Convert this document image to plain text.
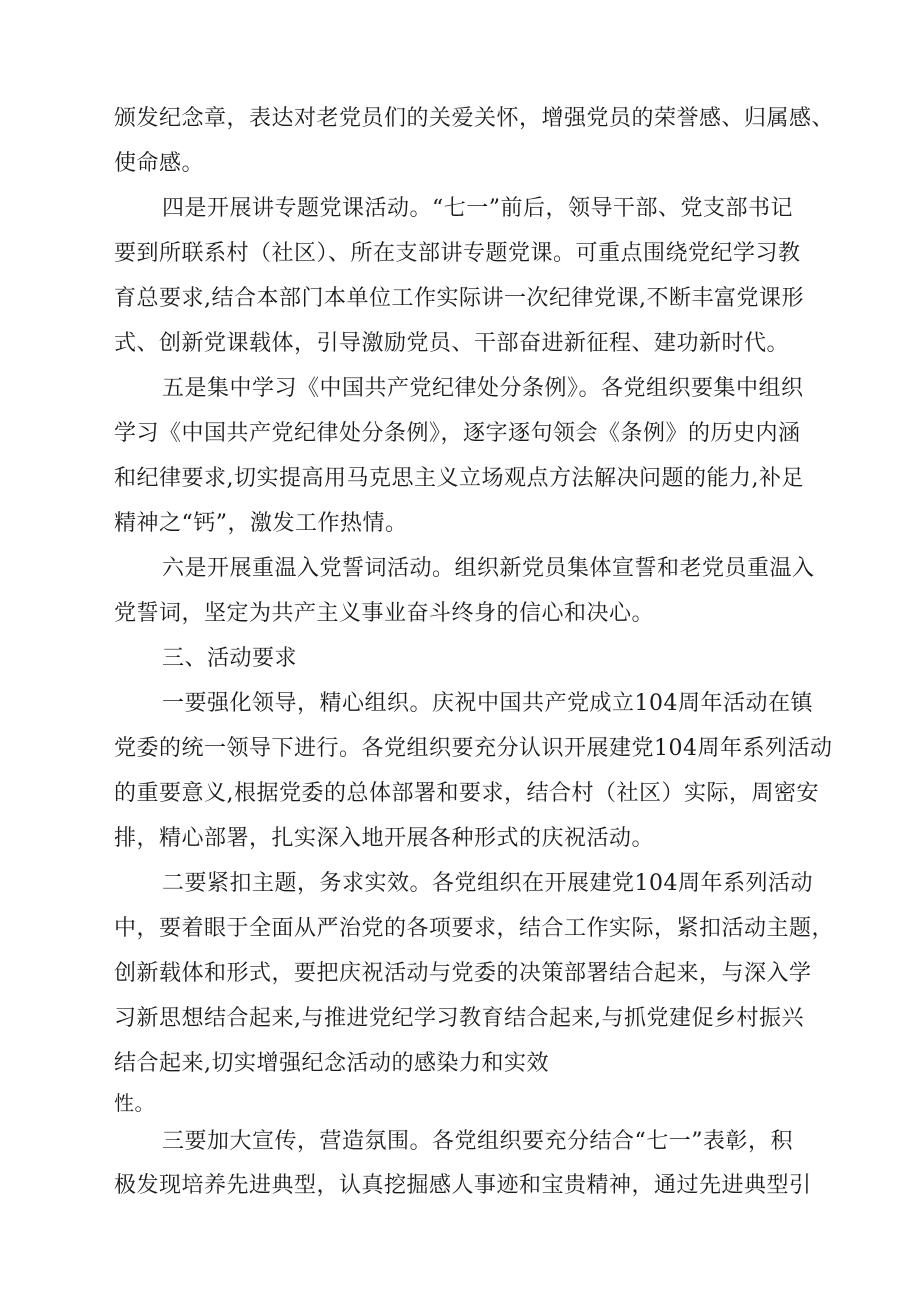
颁发纪念章，表达对老党员们的关爱关怀，增强党员的荣誉感、归属感、
使命感。
四是开展讲专题党课活动。“七一”前后，领导干部、党支部书记
要到所联系村（社区）、所在支部讲专题党课。可重点围绕党纪学习教
育总要求,结合本部门本单位工作实际讲一次纪律党课,不断丰富党课形
式、创新党课载体，引导激励党员、干部奋进新征程、建功新时代。
五是集中学习《中国共产党纪律处分条例》。各党组织要集中组织
学习《中国共产党纪律处分条例》，逐字逐句领会《条例》的历史内涵
和纪律要求,切实提高用马克思主义立场观点方法解决问题的能力,补足
精神之“钙”，激发工作热情。
六是开展重温入党誓词活动。组织新党员集体宣誓和老党员重温入
党誓词，坚定为共产主义事业奋斗终身的信心和决心。
三、活动要求
一要强化领导，精心组织。庆祝中国共产党成立104周年活动在镇
党委的统一领导下进行。各党组织要充分认识开展建党104周年系列活动
的重要意义,根据党委的总体部署和要求，结合村（社区）实际，周密安
排，精心部署，扎实深入地开展各种形式的庆祝活动。
二要紧扣主题，务求实效。各党组织在开展建党104周年系列活动
中，要着眼于全面从严治党的各项要求，结合工作实际，紧扣活动主题，
创新载体和形式，要把庆祝活动与党委的决策部署结合起来，与深入学
习新思想结合起来,与推进党纪学习教育结合起来,与抓党建促乡村振兴
结合起来,切实增强纪念活动的感染力和实效
性。
三要加大宣传，营造氛围。各党组织要充分结合“七一”表彰，积
极发现培养先进典型，认真挖掘感人事迹和宝贵精神，通过先进典型引
